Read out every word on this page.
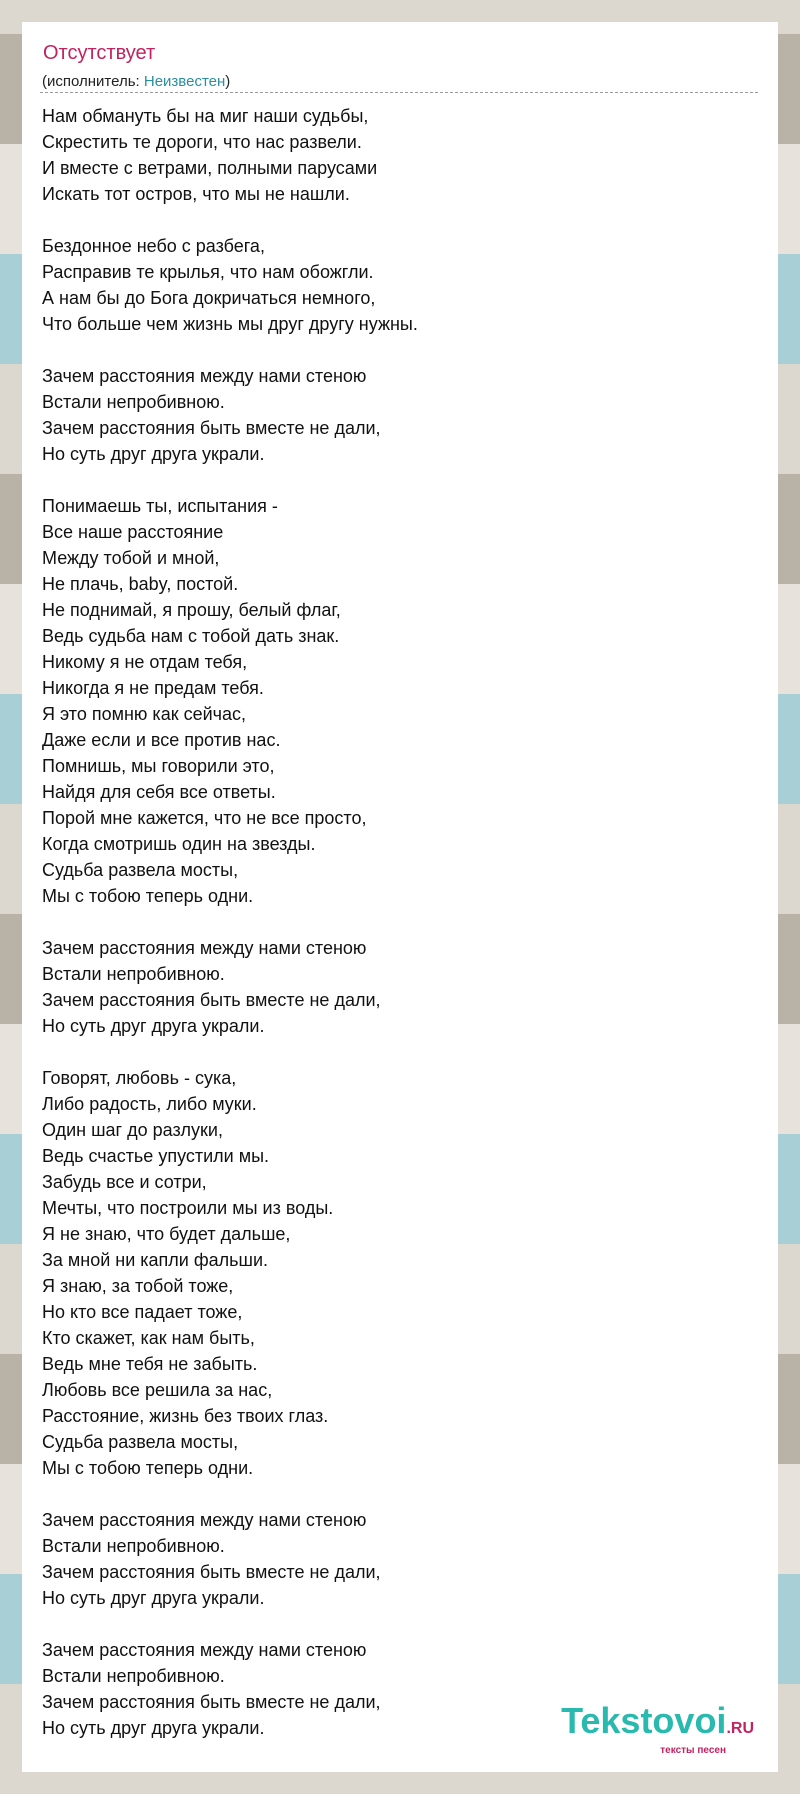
Отсутствует
(исполнитель: Неизвестен)
Нам обмануть бы на миг наши судьбы,
Скрестить те дороги, что нас развели.
И вместе с ветрами, полными парусами
Искать тот остров, что мы не нашли.
Бездонное небо с разбега,
Расправив те крылья, что нам обожгли.
А нам бы до Бога докричаться немного,
Что больше чем жизнь мы друг другу нужны.
Зачем расстояния между нами стеною
Встали непробивною.
Зачем расстояния быть вместе не дали,
Но суть друг друга украли.
Понимаешь ты, испытания -
Все наше расстояние
Между тобой и мной,
Не плачь, baby, постой.
Не поднимай, я прошу, белый флаг,
Ведь судьба нам с тобой дать знак.
Никому я не отдам тебя,
Никогда я не предам тебя.
Я это помню как сейчас,
Даже если и все против нас.
Помнишь, мы говорили это,
Найдя для себя все ответы.
Порой мне кажется, что не все просто,
Когда смотришь один на звезды.
Судьба развела мосты,
Мы с тобою теперь одни.
Зачем расстояния между нами стеною
Встали непробивною.
Зачем расстояния быть вместе не дали,
Но суть друг друга украли.
Говорят, любовь - сука,
Либо радость, либо муки.
Один шаг до разлуки,
Ведь счастье упустили мы.
Забудь все и сотри,
Мечты, что построили мы из воды.
Я не знаю, что будет дальше,
За мной ни капли фальши.
Я знаю, за тобой тоже,
Но кто все падает тоже,
Кто скажет, как нам быть,
Ведь мне тебя не забыть.
Любовь все решила за нас,
Расстояние, жизнь без твоих глаз.
Судьба развела мосты,
Мы с тобою теперь одни.
Зачем расстояния между нами стеною
Встали непробивною.
Зачем расстояния быть вместе не дали,
Но суть друг друга украли.
Зачем расстояния между нами стеною
Встали непробивною.
Зачем расстояния быть вместе не дали,
Но суть друг друга украли.	Tekstovoi.RU
тексты песен
